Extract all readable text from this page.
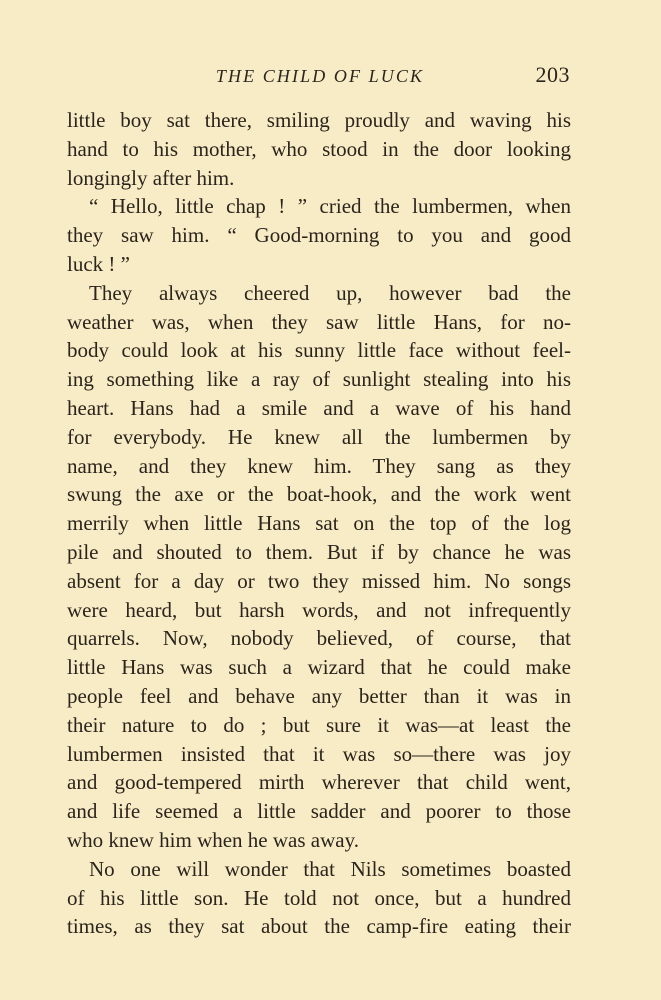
THE CHILD OF LUCK	203
little boy sat there, smiling proudly and waving his
hand to his mother, who stood in the door looking
longingly after him.
“ Hello, little chap ! ” cried the lumbermen, when
they saw him. “ Good-morning to you and good
luck ! ”
They always cheered up, however bad the
weather was, when they saw little Hans, for no-
body could look at his sunny little face without feel-
ing something like a ray of sunlight stealing into his
heart. Hans had a smile and a wave of his hand
for everybody. He knew all the lumbermen by
name, and they knew him. They sang as they
swung the axe or the boat-hook, and the work went
merrily when little Hans sat on the top of the log
pile and shouted to them. But if by chance he was
absent for a day or two they missed him. No songs
were heard, but harsh words, and not infrequently
quarrels. Now, nobody believed, of course, that
little Hans was such a wizard that he could make
people feel and behave any better than it was in
their nature to do ; but sure it was—at least the
lumbermen insisted that it was so—there was joy
and good-tempered mirth wherever that child went,
and life seemed a little sadder and poorer to those
who knew him when he was away.
No one will wonder that Nils sometimes boasted
of his little son. He told not once, but a hundred
times, as they sat about the camp-fire eating their
